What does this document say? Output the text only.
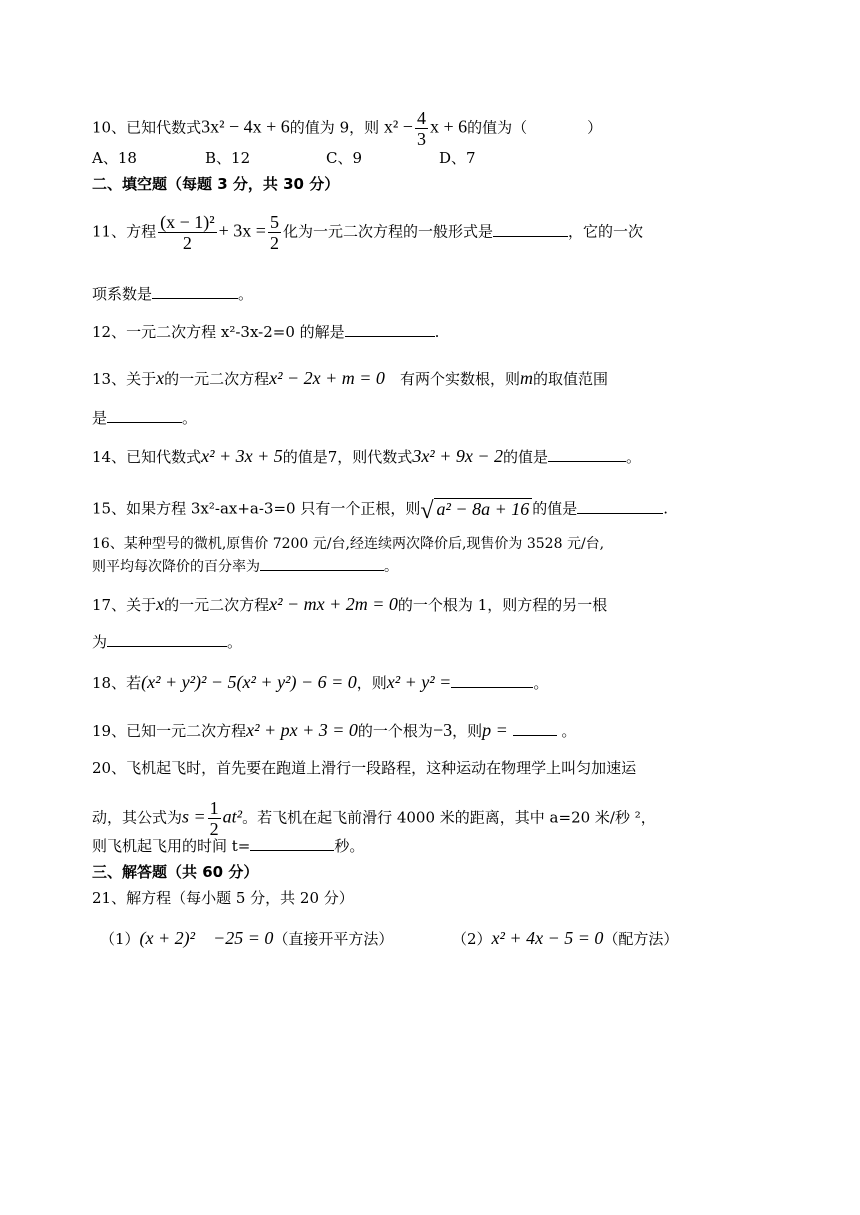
10、已知代数式3x² − 4x + 6的值为 9，则 $x^2 - \frac{4}{3}$ x + 6的值为（　　　　）
A、18	B、12	C、9	D、7
二、填空题（每题 3 分，共 30 分）
11、方程 $\frac{\text{(x − 1)²}}{2} + 3x = \frac{5}{2}$ 化为一元二次方程的一般形式是	，它的一次
项系数是	。
12、一元二次方程 x²-3x-2=0 的解是	.
13、关于x的一元二次方程x² − 2x + m = 0　 有两个实数根，则m的取值范围
是	。
14、已知代数式x² + 3x + 5的值是7，则代数式3x² + 9x − 2的值是	。
15、如果方程 3x²-ax+a-3=0 只有一个正根，则√ a² − 8a + 16 的值是	.
16、某种型号的微机,原售价 7200 元/台,经连续两次降价后,现售价为 3528 元/台,
则平均每次降价的百分率为	。
17、关于x的一元二次方程x² − mx + 2m = 0的一个根为 1，则方程的另一根
为	。
18、若(x² + y²)² − 5(x² + y²) − 6 = 0，则x² + y² =	。
19、已知一元二次方程x² + px + 3 = 0的一个根为−3，则p =	。
20、飞机起飞时，首先要在跑道上滑行一段路程，这种运动在物理学上叫匀加速运
动，其公式为$s = \frac{1}{2} at^2$。若飞机在起飞前滑行 4000 米的距离，其中 a=20 米/秒 ²，
则飞机起飞用的时间 t=	秒。
三、解答题（共 60 分）
21、解方程（每小题 5 分，共 20 分）
（1）(x + 2)²　−25 = 0（直接开平方法）	（2）x² + 4x − 5 = 0（配方法）
